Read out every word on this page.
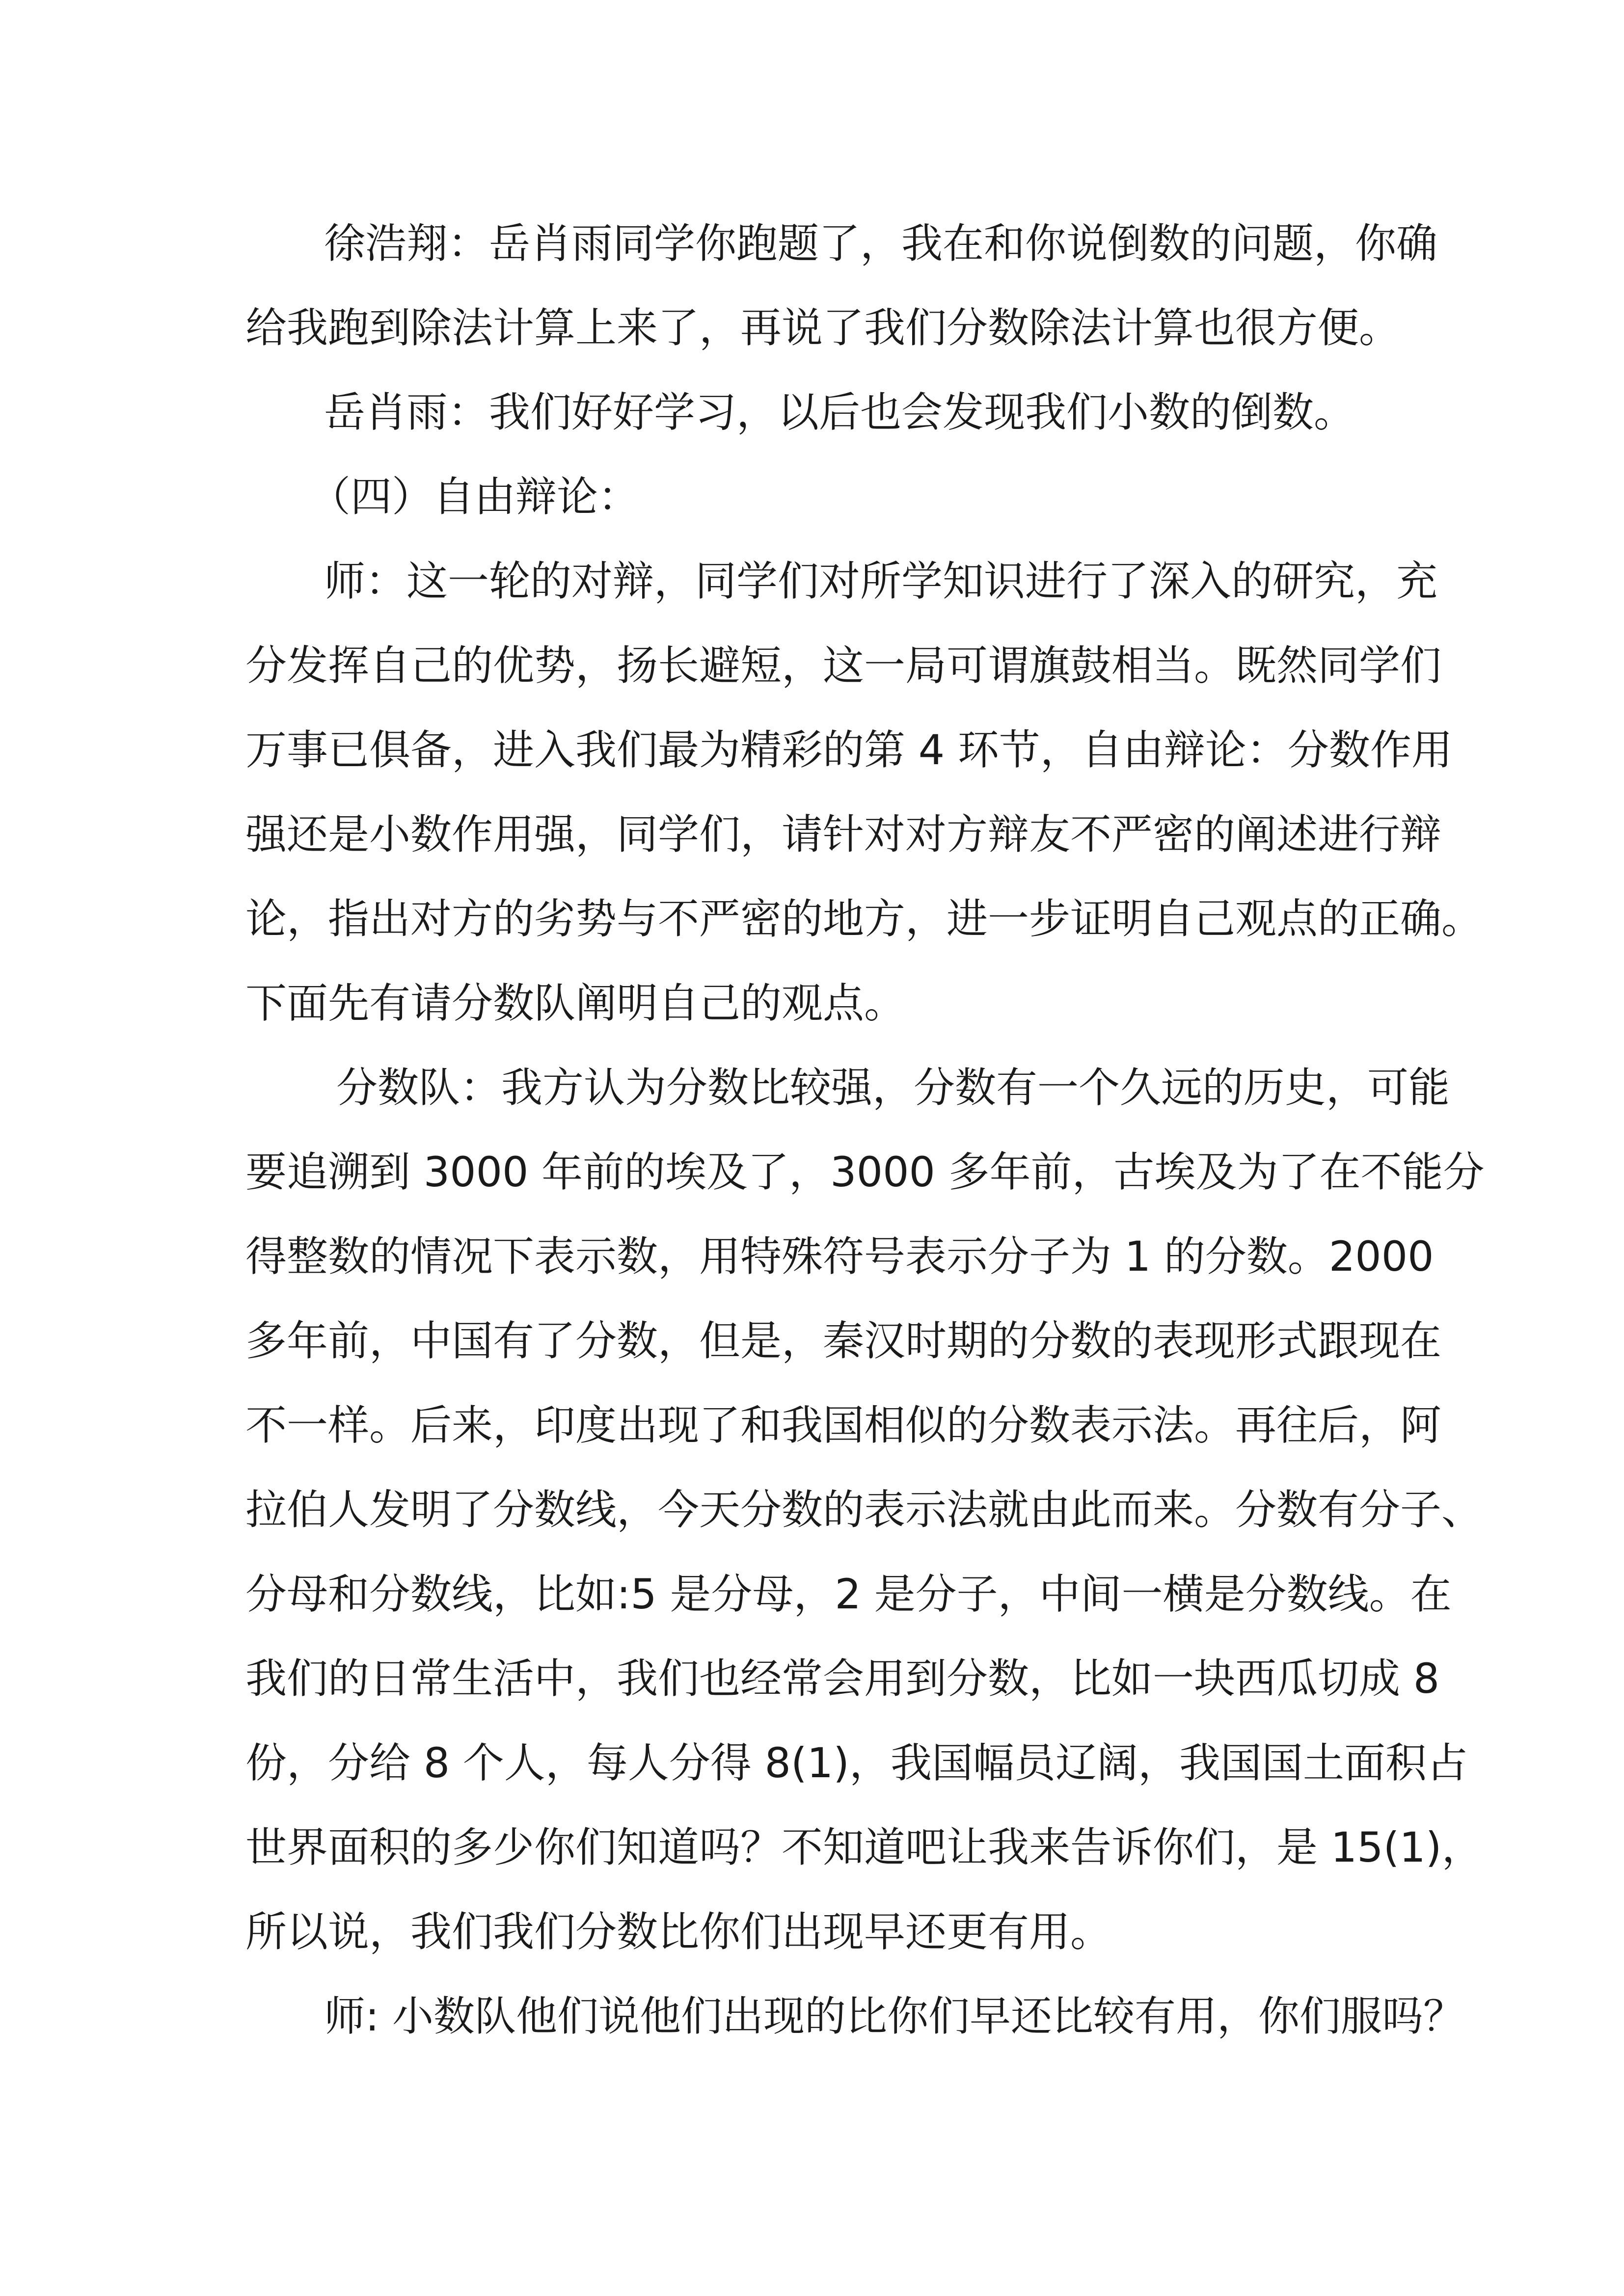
徐浩翔：岳肖雨同学你跑题了，我在和你说倒数的问题，你确
给我跑到除法计算上来了，再说了我们分数除法计算也很方便。
岳肖雨：我们好好学习，以后也会发现我们小数的倒数。
（四）自由辩论：
师：这一轮的对辩，同学们对所学知识进行了深入的研究，充
分发挥自己的优势，扬长避短，这一局可谓旗鼓相当。既然同学们
万事已俱备，进入我们最为精彩的第 4 环节，自由辩论：分数作用
强还是小数作用强，同学们，请针对对方辩友不严密的阐述进行辩
论，指出对方的劣势与不严密的地方，进一步证明自己观点的正确。
下面先有请分数队阐明自己的观点。
分数队：我方认为分数比较强，分数有一个久远的历史，可能
要追溯到 3000 年前的埃及了，3000 多年前，古埃及为了在不能分
得整数的情况下表示数，用特殊符号表示分子为 1 的分数。2000
多年前，中国有了分数，但是，秦汉时期的分数的表现形式跟现在
不一样。后来，印度出现了和我国相似的分数表示法。再往后，阿
拉伯人发明了分数线，今天分数的表示法就由此而来。分数有分子、
分母和分数线，比如:5 是分母，2 是分子，中间一横是分数线。在
我们的日常生活中，我们也经常会用到分数，比如一块西瓜切成 8
份，分给 8 个人，每人分得 8(1)，我国幅员辽阔，我国国土面积占
世界面积的多少你们知道吗？不知道吧让我来告诉你们，是 15(1)，
所以说，我们我们分数比你们出现早还更有用。
师: 小数队他们说他们出现的比你们早还比较有用，你们服吗？
